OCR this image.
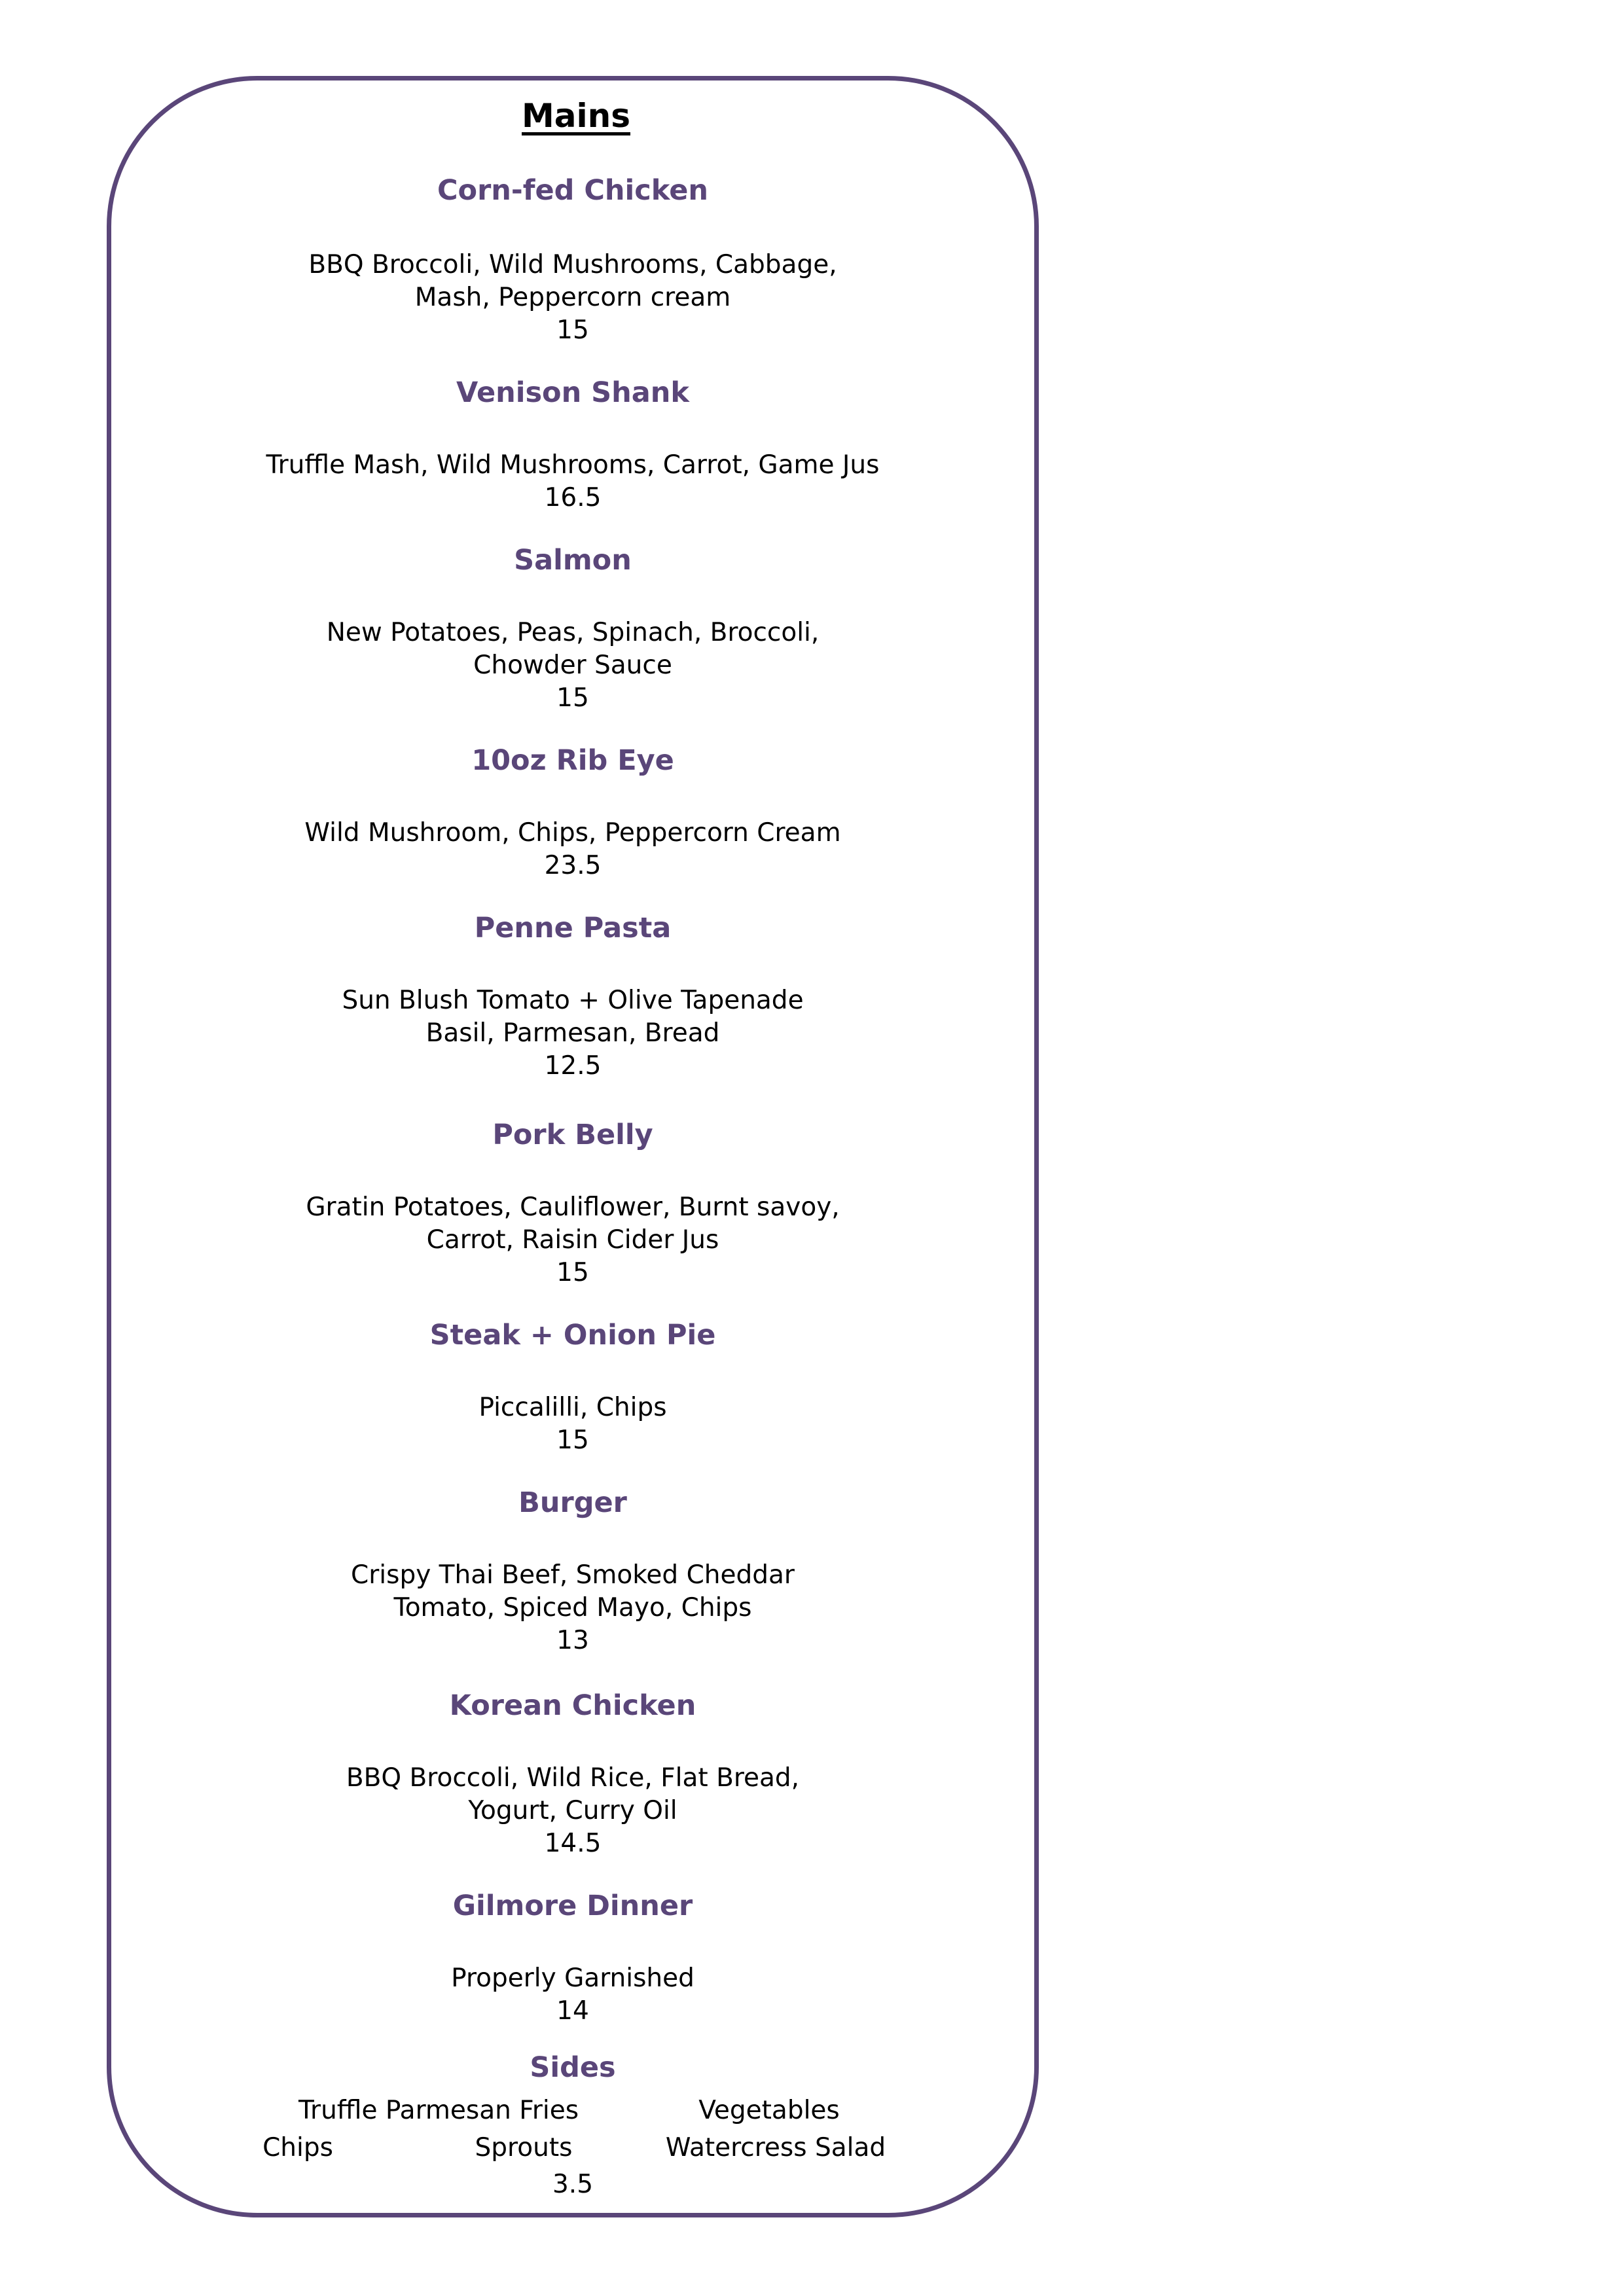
Mains
Corn-fed Chicken
BBQ Broccoli, Wild Mushrooms, Cabbage,
Mash, Peppercorn cream
15
Venison Shank
Truffle Mash, Wild Mushrooms, Carrot, Game Jus
16.5
Salmon
New Potatoes, Peas, Spinach, Broccoli,
Chowder Sauce
15
10oz Rib Eye
Wild Mushroom, Chips, Peppercorn Cream
23.5
Penne Pasta
Sun Blush Tomato + Olive Tapenade
Basil, Parmesan, Bread
12.5
Pork Belly
Gratin Potatoes, Cauliflower, Burnt savoy,
Carrot, Raisin Cider Jus
15
Steak + Onion Pie
Piccalilli, Chips
15
Burger
Crispy Thai Beef, Smoked Cheddar
Tomato, Spiced Mayo, Chips
13
Korean Chicken
BBQ Broccoli, Wild Rice, Flat Bread,
Yogurt, Curry Oil
14.5
Gilmore Dinner
Properly Garnished
14
Sides
Truffle Parmesan Fries	Vegetables
Chips	Sprouts	Watercress Salad
3.5
